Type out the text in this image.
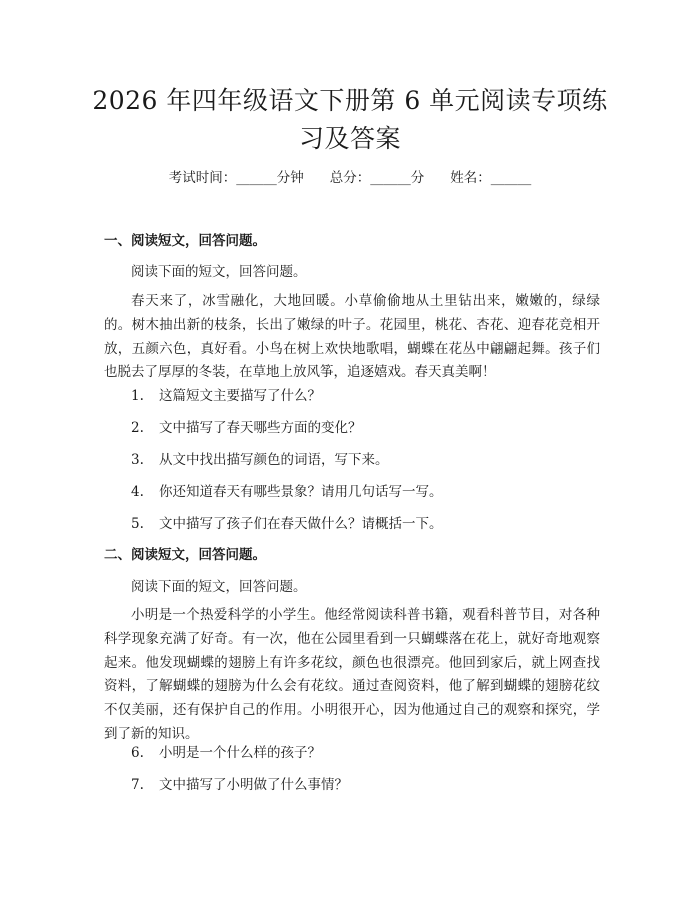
2026 年四年级语文下册第 6 单元阅读专项练
习及答案
考试时间：______分钟 总分：______分 姓名：______
一、阅读短文，回答问题。
阅读下面的短文，回答问题。

春天来了，冰雪融化，大地回暖。小草偷偷地从土里钻出来，嫩嫩的，绿绿的。树木抽出新的枝条，长出了嫩绿的叶子。花园里，桃花、杏花、迎春花竞相开放，五颜六色，真好看。小鸟在树上欢快地歌唱，蝴蝶在花丛中翩翩起舞。孩子们也脱去了厚厚的冬装，在草地上放风筝，追逐嬉戏。春天真美啊！

1. 这篇短文主要描写了什么？
2. 文中描写了春天哪些方面的变化？
3. 从文中找出描写颜色的词语，写下来。
4. 你还知道春天有哪些景象？请用几句话写一写。
5. 文中描写了孩子们在春天做什么？请概括一下。
二、阅读短文，回答问题。
阅读下面的短文，回答问题。

小明是一个热爱科学的小学生。他经常阅读科普书籍，观看科普节目，对各种科学现象充满了好奇。有一次，他在公园里看到一只蝴蝶落在花上，就好奇地观察起来。他发现蝴蝶的翅膀上有许多花纹，颜色也很漂亮。他回到家后，就上网查找资料，了解蝴蝶的翅膀为什么会有花纹。通过查阅资料，他了解到蝴蝶的翅膀花纹不仅美丽，还有保护自己的作用。小明很开心，因为他通过自己的观察和探究，学到了新的知识。

6. 小明是一个什么样的孩子？
7. 文中描写了小明做了什么事情？
